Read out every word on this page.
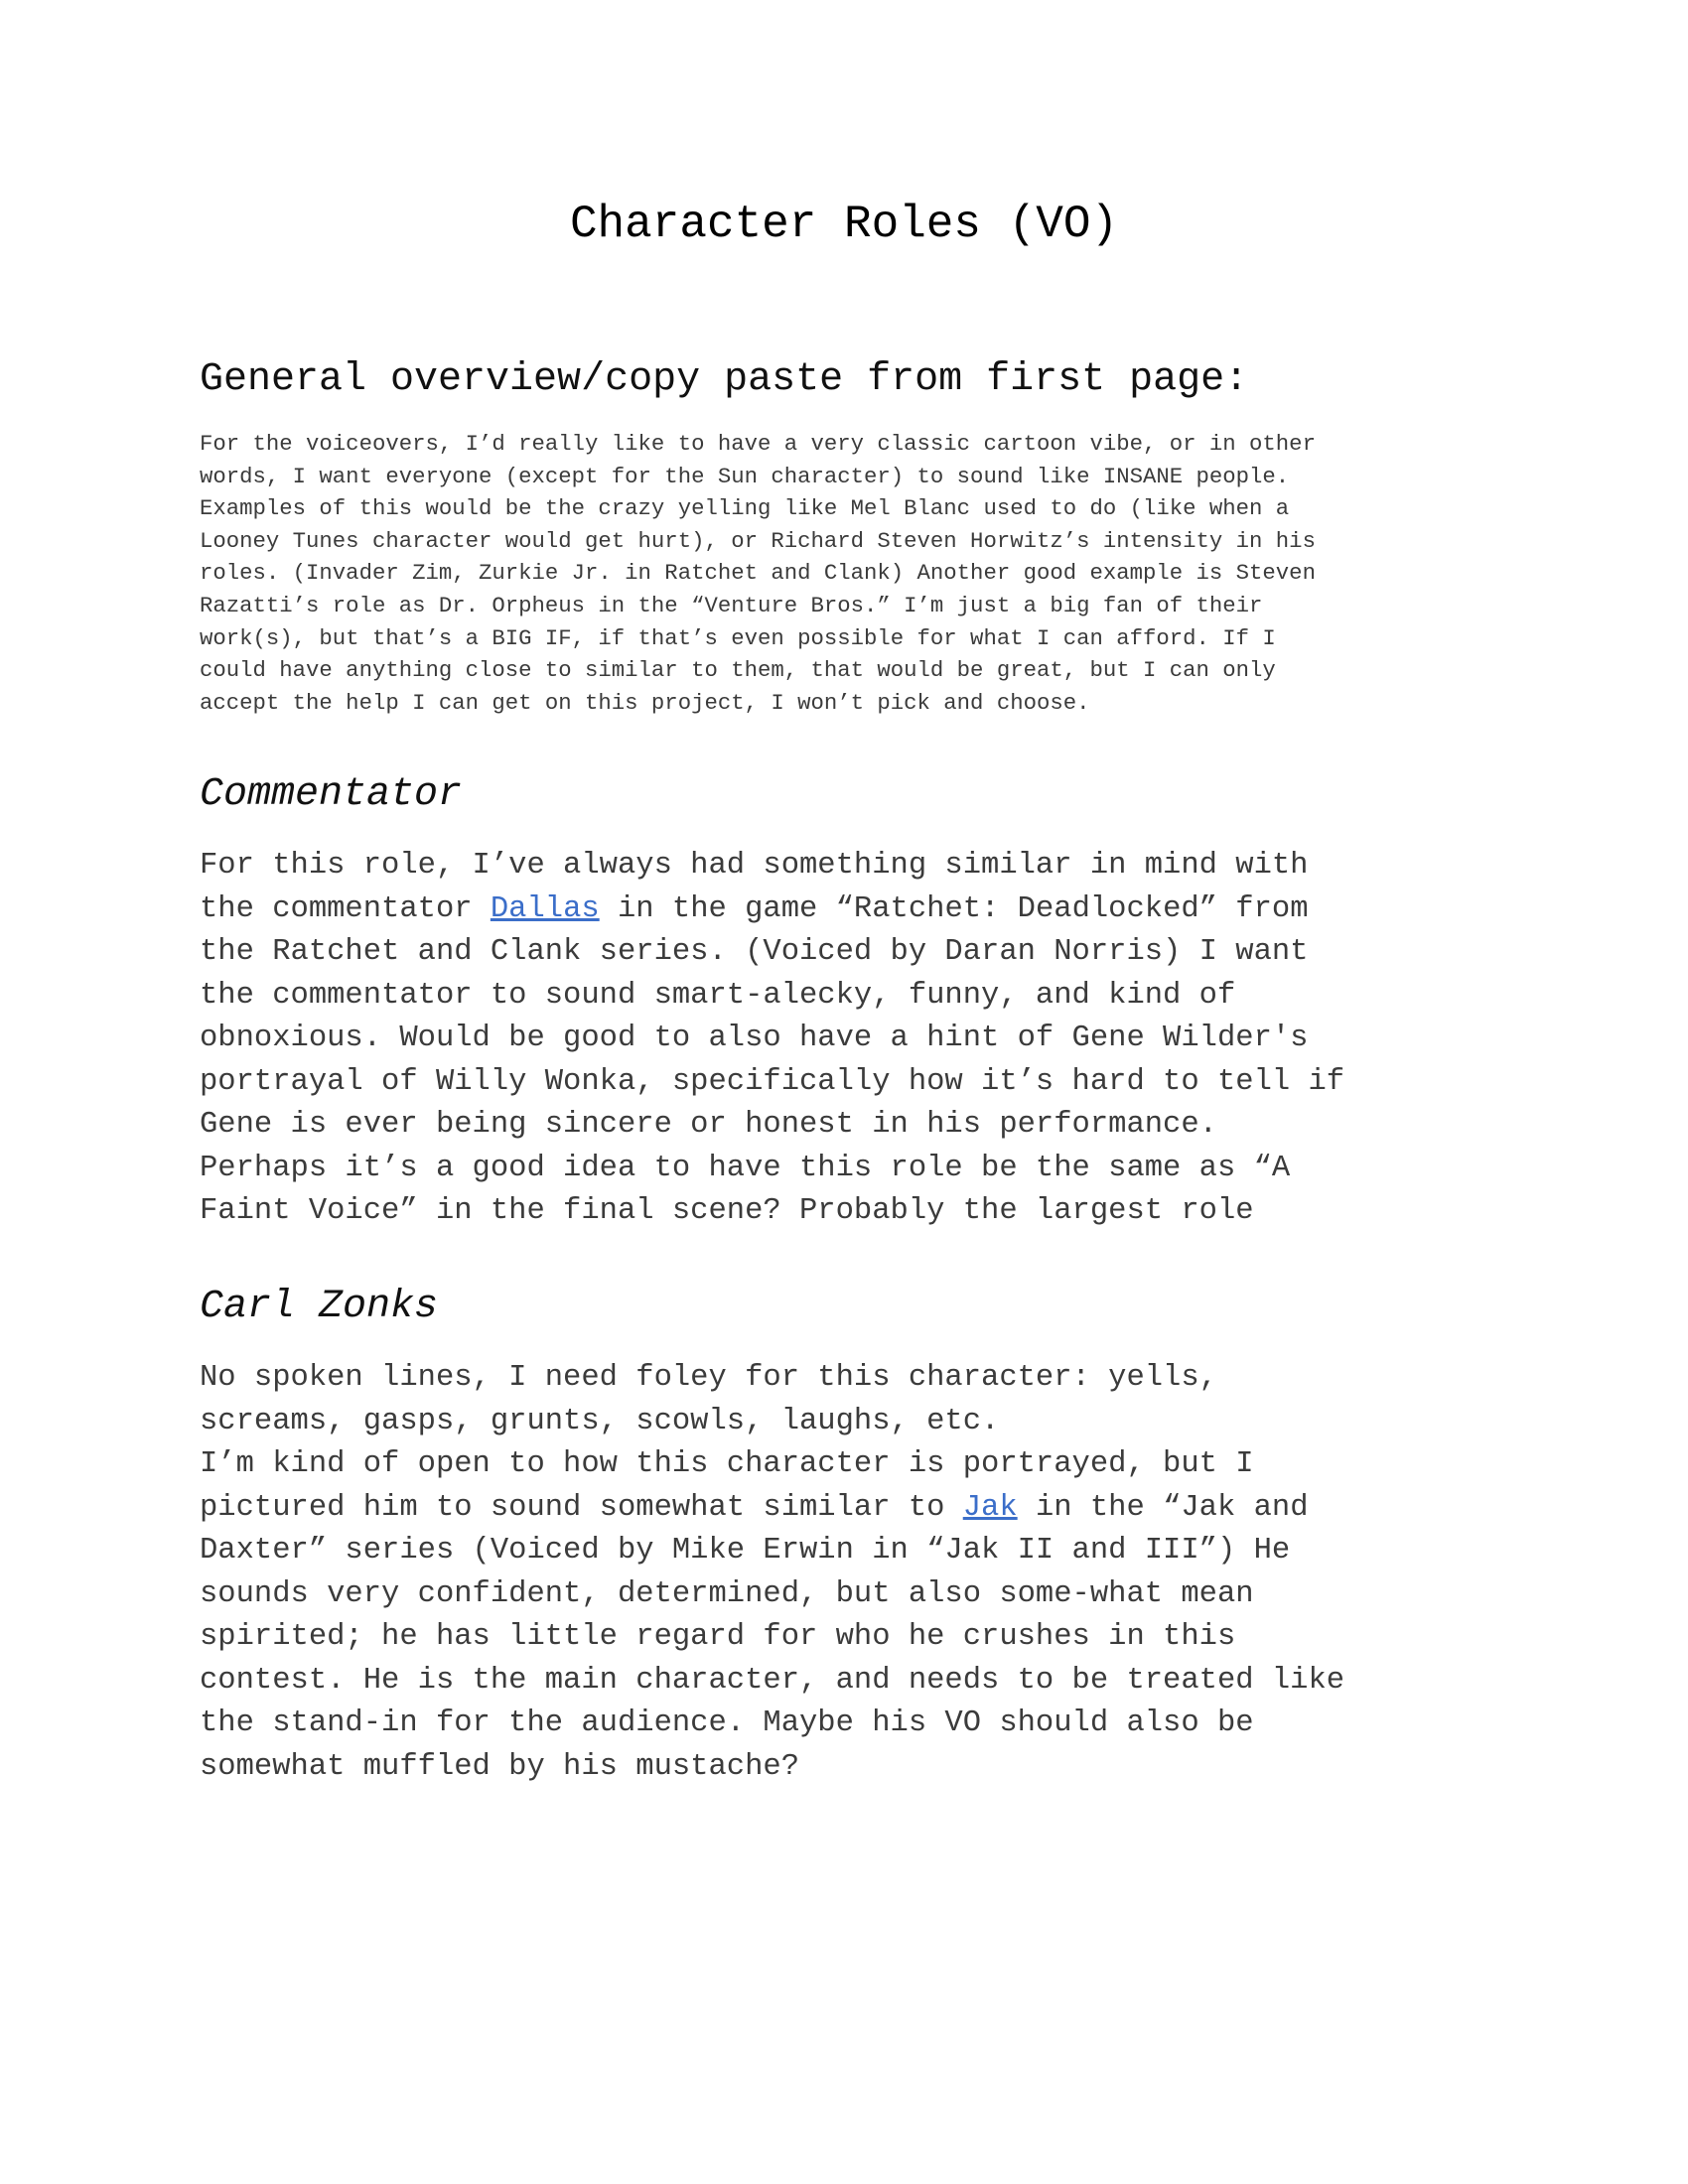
Character Roles (VO)
General overview/copy paste from first page:
For the voiceovers, I’d really like to have a very classic cartoon vibe, or in other
words, I want everyone (except for the Sun character) to sound like INSANE people.
Examples of this would be the crazy yelling like Mel Blanc used to do (like when a
Looney Tunes character would get hurt), or Richard Steven Horwitz’s intensity in his
roles. (Invader Zim, Zurkie Jr. in Ratchet and Clank) Another good example is Steven
Razatti’s role as Dr. Orpheus in the “Venture Bros.” I’m just a big fan of their
work(s), but that’s a BIG IF, if that’s even possible for what I can afford. If I
could have anything close to similar to them, that would be great, but I can only
accept the help I can get on this project, I won’t pick and choose.
Commentator
For this role, I’ve always had something similar in mind with
the commentator Dallas in the game “Ratchet: Deadlocked” from
the Ratchet and Clank series. (Voiced by Daran Norris) I want
the commentator to sound smart-alecky, funny, and kind of
obnoxious. Would be good to also have a hint of Gene Wilder's
portrayal of Willy Wonka, specifically how it’s hard to tell if
Gene is ever being sincere or honest in his performance.
Perhaps it’s a good idea to have this role be the same as “A
Faint Voice” in the final scene? Probably the largest role
Carl Zonks
No spoken lines, I need foley for this character: yells,
screams, gasps, grunts, scowls, laughs, etc.
I’m kind of open to how this character is portrayed, but I
pictured him to sound somewhat similar to Jak in the “Jak and
Daxter” series (Voiced by Mike Erwin in “Jak II and III”) He
sounds very confident, determined, but also some-what mean
spirited; he has little regard for who he crushes in this
contest. He is the main character, and needs to be treated like
the stand-in for the audience. Maybe his VO should also be
somewhat muffled by his mustache?
